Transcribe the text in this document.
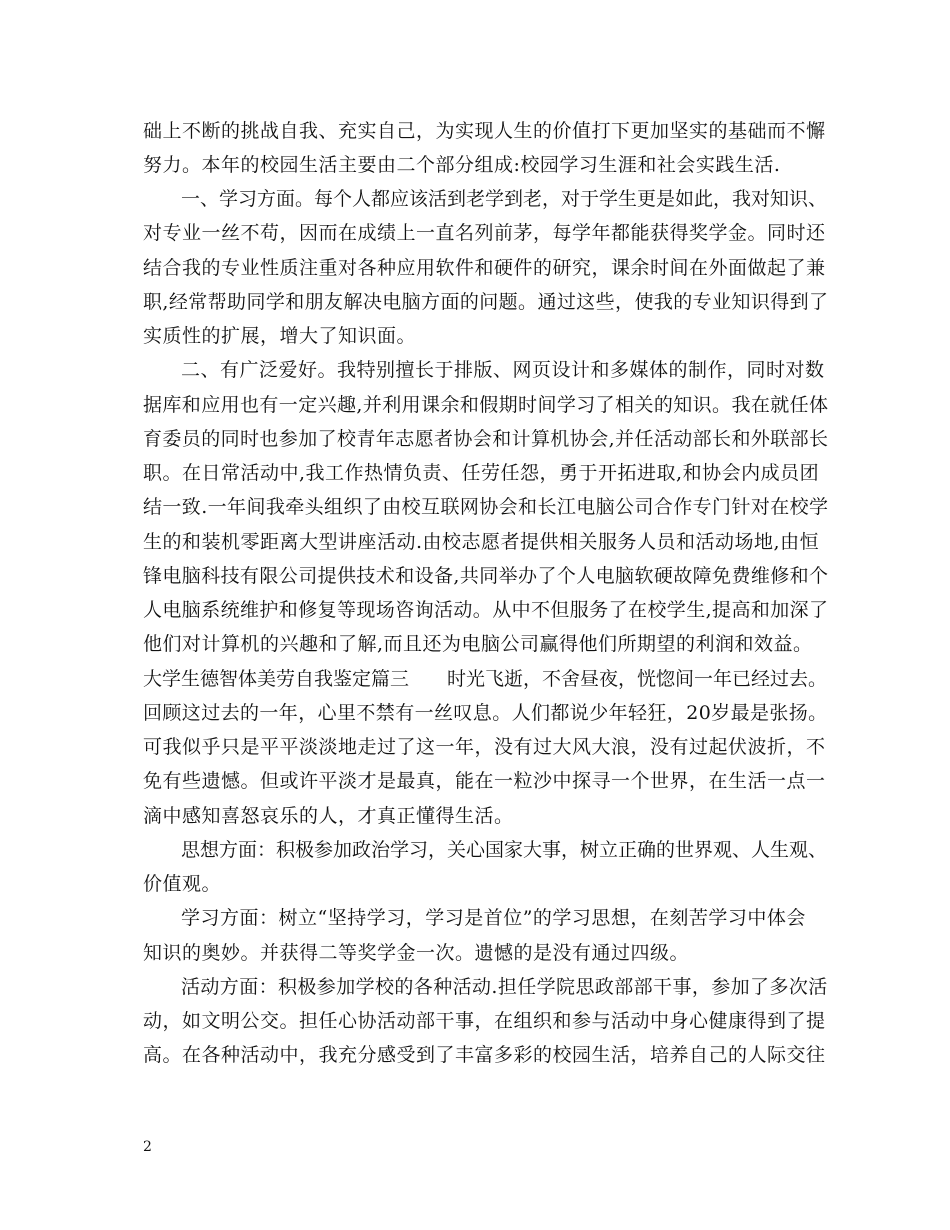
础上不断的挑战自我、充实自己，为实现人生的价值打下更加坚实的基础而不懈
努力。本年的校园生活主要由二个部分组成:校园学习生涯和社会实践生活.
一、学习方面。每个人都应该活到老学到老，对于学生更是如此，我对知识、
对专业一丝不苟，因而在成绩上一直名列前茅，每学年都能获得奖学金。同时还
结合我的专业性质注重对各种应用软件和硬件的研究，课余时间在外面做起了兼
职,经常帮助同学和朋友解决电脑方面的问题。通过这些，使我的专业知识得到了
实质性的扩展，增大了知识面。
二、有广泛爱好。我特别擅长于排版、网页设计和多媒体的制作，同时对数
据库和应用也有一定兴趣,并利用课余和假期时间学习了相关的知识。我在就任体
育委员的同时也参加了校青年志愿者协会和计算机协会,并任活动部长和外联部长
职。在日常活动中,我工作热情负责、任劳任怨，勇于开拓进取,和协会内成员团
结一致.一年间我牵头组织了由校互联网协会和长江电脑公司合作专门针对在校学
生的和装机零距离大型讲座活动.由校志愿者提供相关服务人员和活动场地,由恒
锋电脑科技有限公司提供技术和设备,共同举办了个人电脑软硬故障免费维修和个
人电脑系统维护和修复等现场咨询活动。从中不但服务了在校学生,提高和加深了
他们对计算机的兴趣和了解,而且还为电脑公司赢得他们所期望的利润和效益。
大学生德智体美劳自我鉴定篇三　　时光飞逝，不舍昼夜，恍惚间一年已经过去。
回顾这过去的一年，心里不禁有一丝叹息。人们都说少年轻狂，20岁最是张扬。
可我似乎只是平平淡淡地走过了这一年，没有过大风大浪，没有过起伏波折，不
免有些遗憾。但或许平淡才是最真，能在一粒沙中探寻一个世界，在生活一点一
滴中感知喜怒哀乐的人，才真正懂得生活。
思想方面：积极参加政治学习，关心国家大事，树立正确的世界观、人生观、
价值观。
学习方面：树立“坚持学习，学习是首位”的学习思想，在刻苦学习中体会
知识的奥妙。并获得二等奖学金一次。遗憾的是没有通过四级。
活动方面：积极参加学校的各种活动.担任学院思政部部干事，参加了多次活
动，如文明公交。担任心协活动部干事，在组织和参与活动中身心健康得到了提
高。在各种活动中，我充分感受到了丰富多彩的校园生活，培养自己的人际交往
2
